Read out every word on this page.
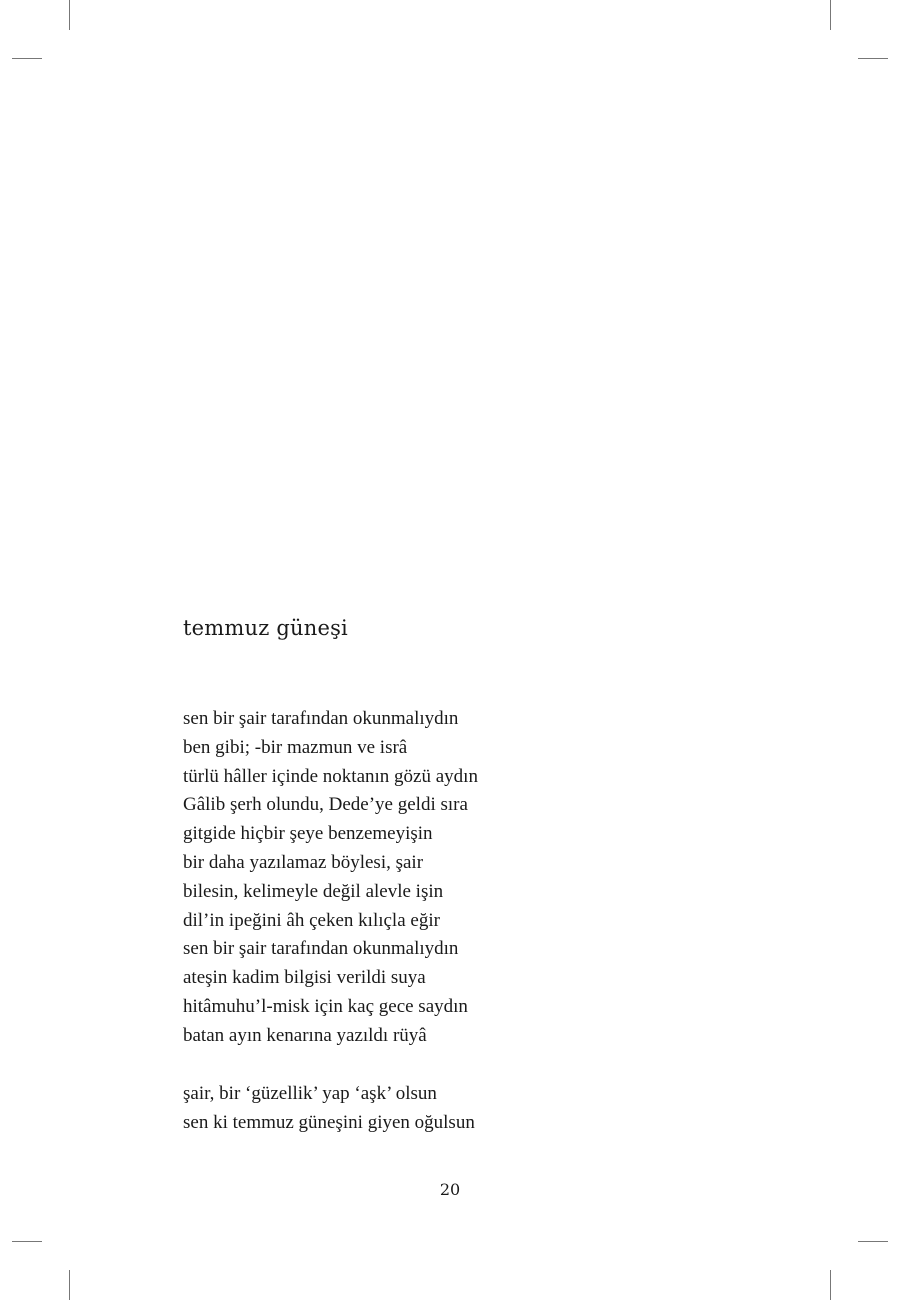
temmuz güneşi
sen bir şair tarafından okunmalıydın
ben gibi; -bir mazmun ve isrâ
türlü hâller içinde noktanın gözü aydın
Gâlib şerh olundu, Dede’ye geldi sıra
gitgide hiçbir şeye benzemeyişin
bir daha yazılamaz böylesi, şair
bilesin, kelimeyle değil alevle işin
dil’in ipeğini âh çeken kılıçla eğir
sen bir şair tarafından okunmalıydın
ateşin kadim bilgisi verildi suya
hitâmuhu’l-misk için kaç gece saydın
batan ayın kenarına yazıldı rüyâ
şair, bir ‘güzellik’ yap ‘aşk’ olsun
sen ki temmuz güneşini giyen oğulsun
20
